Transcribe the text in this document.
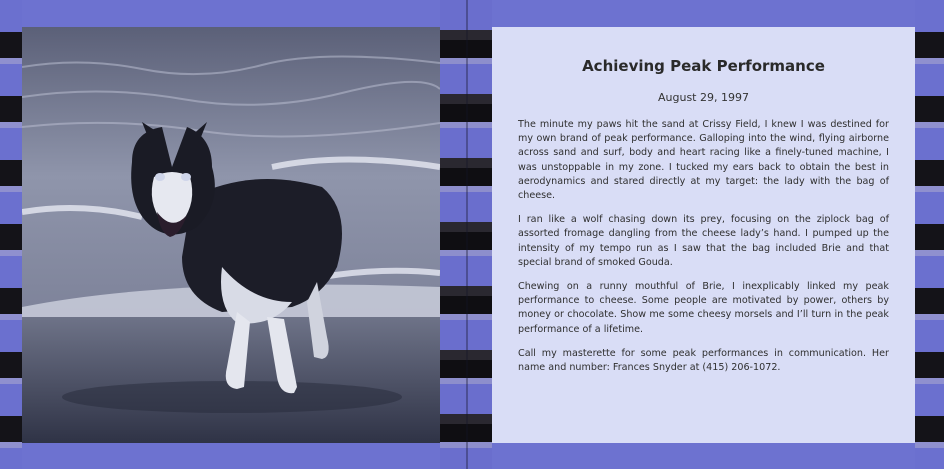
Achieving Peak Performance
August 29, 1997

The minute my paws hit the sand at Crissy Field, I knew I was destined for my own brand of peak performance. Galloping into the wind, flying airborne across sand and surf, body and heart racing like a finely-tuned machine, I was unstoppable in my zone. I tucked my ears back to obtain the best in aerodynamics and stared directly at my target: the lady with the bag of cheese.

I ran like a wolf chasing down its prey, focusing on the ziplock bag of assorted fromage dangling from the cheese lady’s hand. I pumped up the intensity of my tempo run as I saw that the bag included Brie and that special brand of smoked Gouda.

Chewing on a runny mouthful of Brie, I inexplicably linked my peak performance to cheese. Some people are motivated by power, others by money or chocolate. Show me some cheesy morsels and I’ll turn in the peak performance of a lifetime.

Call my masterette for some peak performances in communication. Her name and number: Frances Snyder at (415) 206-1072.
